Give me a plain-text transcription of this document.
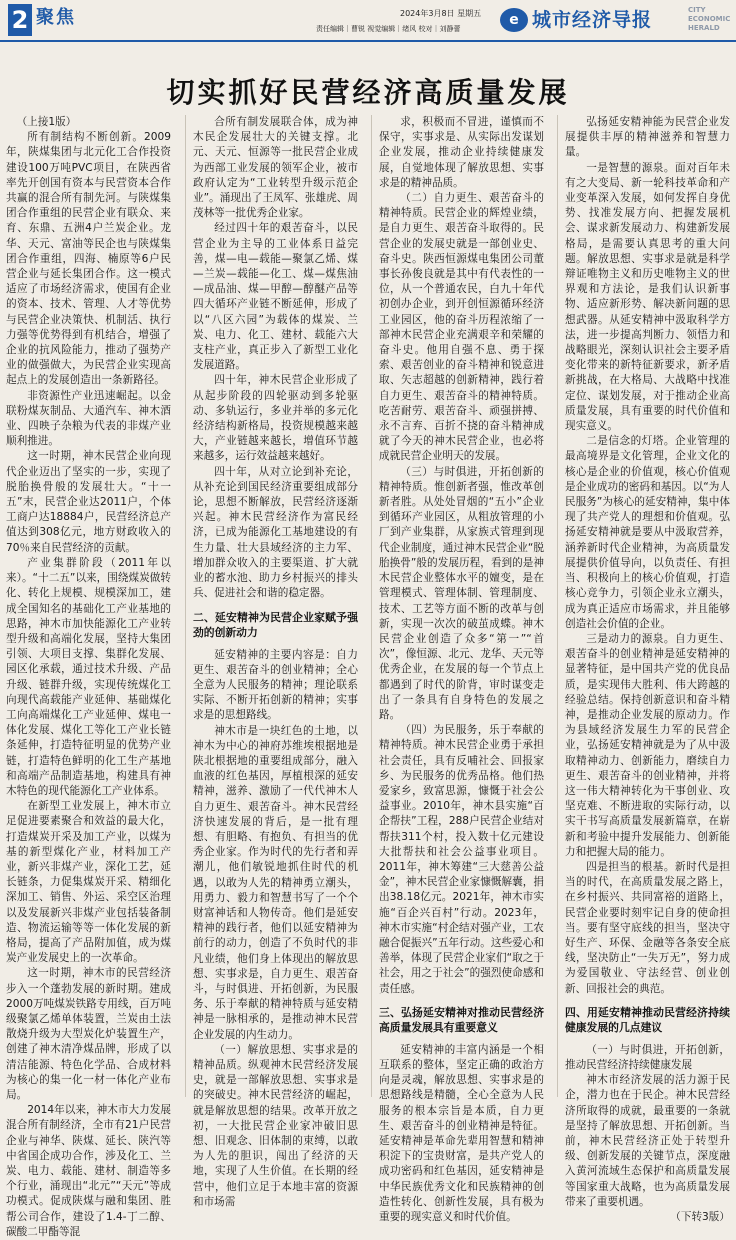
2 聚焦	2024年3月8日 星期五
责任编辑｜曹锐 视觉编辑｜绪风 校对｜刘静蕾
e 城市经济导报	CITY ECONOMIC HERALD
切实抓好民营经济高质量发展

（上接1版）

所有制结构不断创新。2009年，陕煤集团与北元化工合作投资建设100万吨PVC项目，在陕西省率先开创国有资本与民营资本合作共赢的混合所有制先河。与陕煤集团合作重组的民营企业有联众、来育、东鼎、五洲4户兰炭企业。龙华、天元、富油等民企也与陕煤集团合作重组，四海、楠原等6户民营企业与延长集团合作。这一模式适应了市场经济需求，使国有企业的资本、技术、管理、人才等优势与民营企业决策快、机制活、执行力强等优势得到有机结合，增强了企业的抗风险能力，推动了强势产业的做强做大，为民营企业实现高起点上的发展创造出一条新路径。

非资源性产业迅速崛起。以金联粉煤灰制品、大通汽车、神木酒业、四映子杂粮为代表的非煤产业顺利推进。

这一时期，神木民营企业向现代企业迈出了坚实的一步，实现了脱胎换骨般的发展壮大。“十一五”末，民营企业达2011户，个体工商户达18884户，民营经济总产值达到308亿元，地方财政收入的70％来自民营经济的贡献。

产业集群阶段（2011年以来）。“十二五”以来，围绕煤炭做转化、转化上规模、规模深加工，建成全国知名的基础化工产业基地的思路，神木市加快能源化工产业转型升级和高端化发展，坚持大集团引领、大项目支撑、集群化发展、园区化承载，通过技术升级、产品升级、链群升级，实现传统煤化工向现代高载能产业延伸、基础煤化工向高端煤化工产业延伸、煤电一体化发展、煤化工等化工产业长链条延伸，打造特征明显的优势产业链，打造特色鲜明的化工生产基地和高端产品制造基地，构建具有神木特色的现代能源化工产业体系。

在新型工业发展上，神木市立足促进要素聚合和效益的最大化，打造煤炭开采及加工产业，以煤为基的新型煤化产业，材料加工产业，新兴非煤产业，深化工艺，延长链条，力促集煤炭开采、精细化深加工、销售、外运、采空区治理以及发展新兴非煤产业包括装备制造、物流运输等等一体化发展的新格局，提高了产品附加值，成为煤炭产业发展史上的一次革命。

这一时期，神木市的民营经济步入一个蓬勃发展的新时期。建成2000万吨煤炭铁路专用线，百万吨级聚氯乙烯单体装置，兰炭由土法散烧升级为大型炭化炉装置生产，创建了神木清净煤品牌，形成了以清洁能源、特色化学品、合成材料为核心的集一化一材一体化产业布局。

2014年以来，神木市大力发展混合所有制经济，全市有21户民营企业与神华、陕煤、延长、陕汽等中省国企成功合作，涉及化工、兰炭、电力、载能、建材、制造等多个行业，涌现出“北元”“天元”等成功模式。促成陕煤与融和集团、胜帮公司合作，建设了1.4-丁二醇、碳酸二甲酯等混

合所有制发展联合体，成为神木民企发展壮大的关键支撑。北元、天元、恒源等一批民营企业成为西部工业发展的领军企业，被市政府认定为“工业转型升级示范企业”。涌现出了王凤军、张雄虎、周茂林等一批优秀企业家。

经过四十年的艰苦奋斗，以民营企业为主导的工业体系日益完善，煤—电—载能—聚氯乙烯、煤—兰炭—载能—化工、煤—煤焦油—成品油、煤—甲醇—醇醚产品等四大循环产业链不断延伸，形成了以“八区六园”为载体的煤炭、兰炭、电力、化工、建材、载能六大支柱产业，真正步入了新型工业化发展道路。

四十年，神木民营企业形成了从起步阶段的四轮驱动到多轮驱动、多轨运行，多业并举的多元化经济结构新格局，投资规模越来越大，产业链越来越长，增值环节越来越多，运行效益越来越好。

四十年，从对立论到补充论，从补充论到国民经济重要组成部分论，思想不断解放，民营经济逐渐兴起。神木民营经济作为富民经济，已成为能源化工基地建设的有生力量、壮大县域经济的主力军、增加群众收入的主要渠道、扩大就业的蓄水池、助力乡村振兴的排头兵、促进社会和谐的稳定器。

二、延安精神为民营企业家赋予强劲的创新动力

延安精神的主要内容是：自力更生、艰苦奋斗的创业精神；全心全意为人民服务的精神；理论联系实际、不断开拓创新的精神；实事求是的思想路线。

神木市是一块红色的土地，以神木为中心的神府苏维埃根据地是陕北根据地的重要组成部分，融入血液的红色基因，厚植根深的延安精神，滋养、激励了一代代神木人自力更生、艰苦奋斗。神木民营经济快速发展的背后，是一批有理想、有胆略、有抱负、有担当的优秀企业家。作为时代的先行者和弄潮儿，他们敏锐地抓住时代的机遇，以敢为人先的精神勇立潮头，用勇力、毅力和智慧书写了一个个财富神话和人物传奇。他们是延安精神的践行者，他们以延安精神为前行的动力，创造了不负时代的非凡业绩，他们身上体现出的解放思想、实事求是，自力更生、艰苦奋斗，与时俱进、开拓创新，为民服务、乐于奉献的精神特质与延安精神是一脉相承的，是推动神木民营企业发展的内生动力。

（一）解放思想、实事求是的精神品质。纵观神木民营经济发展史，就是一部解放思想、实事求是的突破史。神木民营经济的崛起，就是解放思想的结果。改革开放之初，一大批民营企业家冲破旧思想、旧观念、旧体制的束缚，以敢为人先的胆识，闯出了经济的天地，实现了人生价值。在长期的经营中，他们立足于本地丰富的资源和市场需

求，积极而不冒进，谨慎而不保守，实事求是、从实际出发谋划企业发展，推动企业持续健康发展，自觉地体现了解放思想、实事求是的精神品质。

（二）自力更生、艰苦奋斗的精神特质。民营企业的辉煌业绩，是自力更生、艰苦奋斗取得的。民营企业的发展史就是一部创业史、奋斗史。陕西恒源煤电集团公司董事长孙俊良就是其中有代表性的一位，从一个普通农民，白九十年代初创办企业，到开创恒源循环经济工业园区，他的奋斗历程浓缩了一部神木民营企业充满艰辛和荣耀的奋斗史。他用自强不息、勇于探索、艰苦创业的奋斗精神和锐意进取、矢志超越的创新精神，践行着自力更生、艰苦奋斗的精神特质。吃苦耐劳、艰苦奋斗、顽强拼搏、永不言弃、百折不挠的奋斗精神成就了今天的神木民营企业，也必将成就民营企业明天的发展。

（三）与时俱进，开拓创新的精神特质。惟创新者强，惟改革创新者胜。从处处冒烟的“五小”企业到循环产业园区，从粗放管理的小厂到产业集群，从家族式管理到现代企业制度，通过神木民营企业“脱胎换骨”般的发展历程，看到的是神木民营企业整体水平的嬗变，是在管理模式、管理体制、管理制度、技术、工艺等方面不断的改革与创新，实现一次次的破茧成蝶。神木民营企业创造了众多“第一”“首次”，像恒源、北元、龙华、天元等优秀企业，在发展的每一个节点上都遇到了时代的阶背，审时谋变走出了一条具有自身特色的发展之路。

（四）为民服务，乐于奉献的精神特质。神木民营企业勇于承担社会责任，具有反哺社会、回报家乡、为民服务的优秀品格。他们热爱家乡，致富思源，慷慨于社会公益事业。2010年，神木县实施“百企帮扶”工程，288户民营企业结对帮扶311个村，投入数十亿元建设大批帮扶和社会公益事业项目。2011年，神木筹建“三大慈善公益金”，神木民营企业家慷慨解囊，捐出38.18亿元。2021年，神木市实施“百企兴百村”行动。2023年，神木市实施“村企结对强产业，工农融合促振兴”五年行动。这些爱心和善举，体现了民营企业家们“取之于社会，用之于社会”的强烈使命感和责任感。

三、弘扬延安精神对推动民营经济高质量发展具有重要意义

延安精神的丰富内涵是一个相互联系的整体，坚定正确的政治方向是灵魂，解放思想、实事求是的思想路线是精髓，全心全意为人民服务的根本宗旨是本质，自力更生、艰苦奋斗的创业精神是特征。延安精神是革命先辈用智慧和精神积淀下的宝贵财富，是共产党人的成功密码和红色基因，延安精神是中华民族优秀文化和民族精神的创造性转化、创新性发展，具有极为重要的现实意义和时代价值。

弘扬延安精神能为民营企业发展提供丰厚的精神滋养和智慧力量。

一是智慧的源泉。面对百年未有之大变局、新一轮科技革命和产业变革深入发展，如何发挥自身优势、找准发展方向、把握发展机会、谋求新发展动力、构建新发展格局，是需要认真思考的重大问题。解放思想、实事求是就是科学辩证唯物主义和历史唯物主义的世界观和方法论，是我们认识新事物、适应新形势、解决新问题的思想武器。从延安精神中汲取科学方法，进一步提高判断力、领悟力和战略眼光，深刻认识社会主要矛盾变化带来的新特征新要求，新矛盾新挑战，在大格局、大战略中找准定位、谋划发展，对于推动企业高质量发展，具有重要的时代价值和现实意义。

二是信念的灯塔。企业管理的最高境界是文化管理，企业文化的核心是企业的价值观，核心价值观是企业成功的密码和基因。以“为人民服务”为核心的延安精神，集中体现了共产党人的理想和价值观。弘扬延安精神就是要从中汲取营养，涵养新时代企业精神，为高质量发展提供价值导向，以负责任、有担当、积极向上的核心价值观，打造核心竞争力，引领企业永立潮头，成为真正适应市场需求，并且能够创造社会价值的企业。

三是动力的源泉。自力更生、艰苦奋斗的创业精神是延安精神的显著特征，是中国共产党的优良品质，是实现伟大胜利、伟大跨越的经验总结。保持创新意识和奋斗精神，是推动企业发展的原动力。作为县域经济发展生力军的民营企业，弘扬延安精神就是为了从中汲取精神动力、创新能力，磨续自力更生、艰苦奋斗的创业精神，并将这一伟大精神转化为干事创业、攻坚克难、不断进取的实际行动，以实干书写高质量发展新篇章，在崭新和考验中提升发展能力、创新能力和把握大局的能力。

四是担当的根基。新时代是担当的时代，在高质量发展之路上，在乡村振兴、共同富裕的道路上，民营企业要时刻牢记自身的使命担当。要有坚守底线的担当，坚决守好生产、环保、金融等各条安全底线，坚决防止“一失万无”，努力成为爱国敬业、守法经营、创业创新、回报社会的典范。

四、用延安精神推动民营经济持续健康发展的几点建议

（一）与时俱进，开拓创新，推动民营经济持续健康发展

神木市经济发展的活力源于民企，潜力也在于民企。神木民营经济所取得的成就，最重要的一条就是坚持了解放思想、开拓创新。当前，神木民营经济正处于转型升级、创新发展的关键节点，深度融入黄河流域生态保护和高质量发展等国家重大战略，也为高质量发展带来了重要机遇。

（下转3版）
